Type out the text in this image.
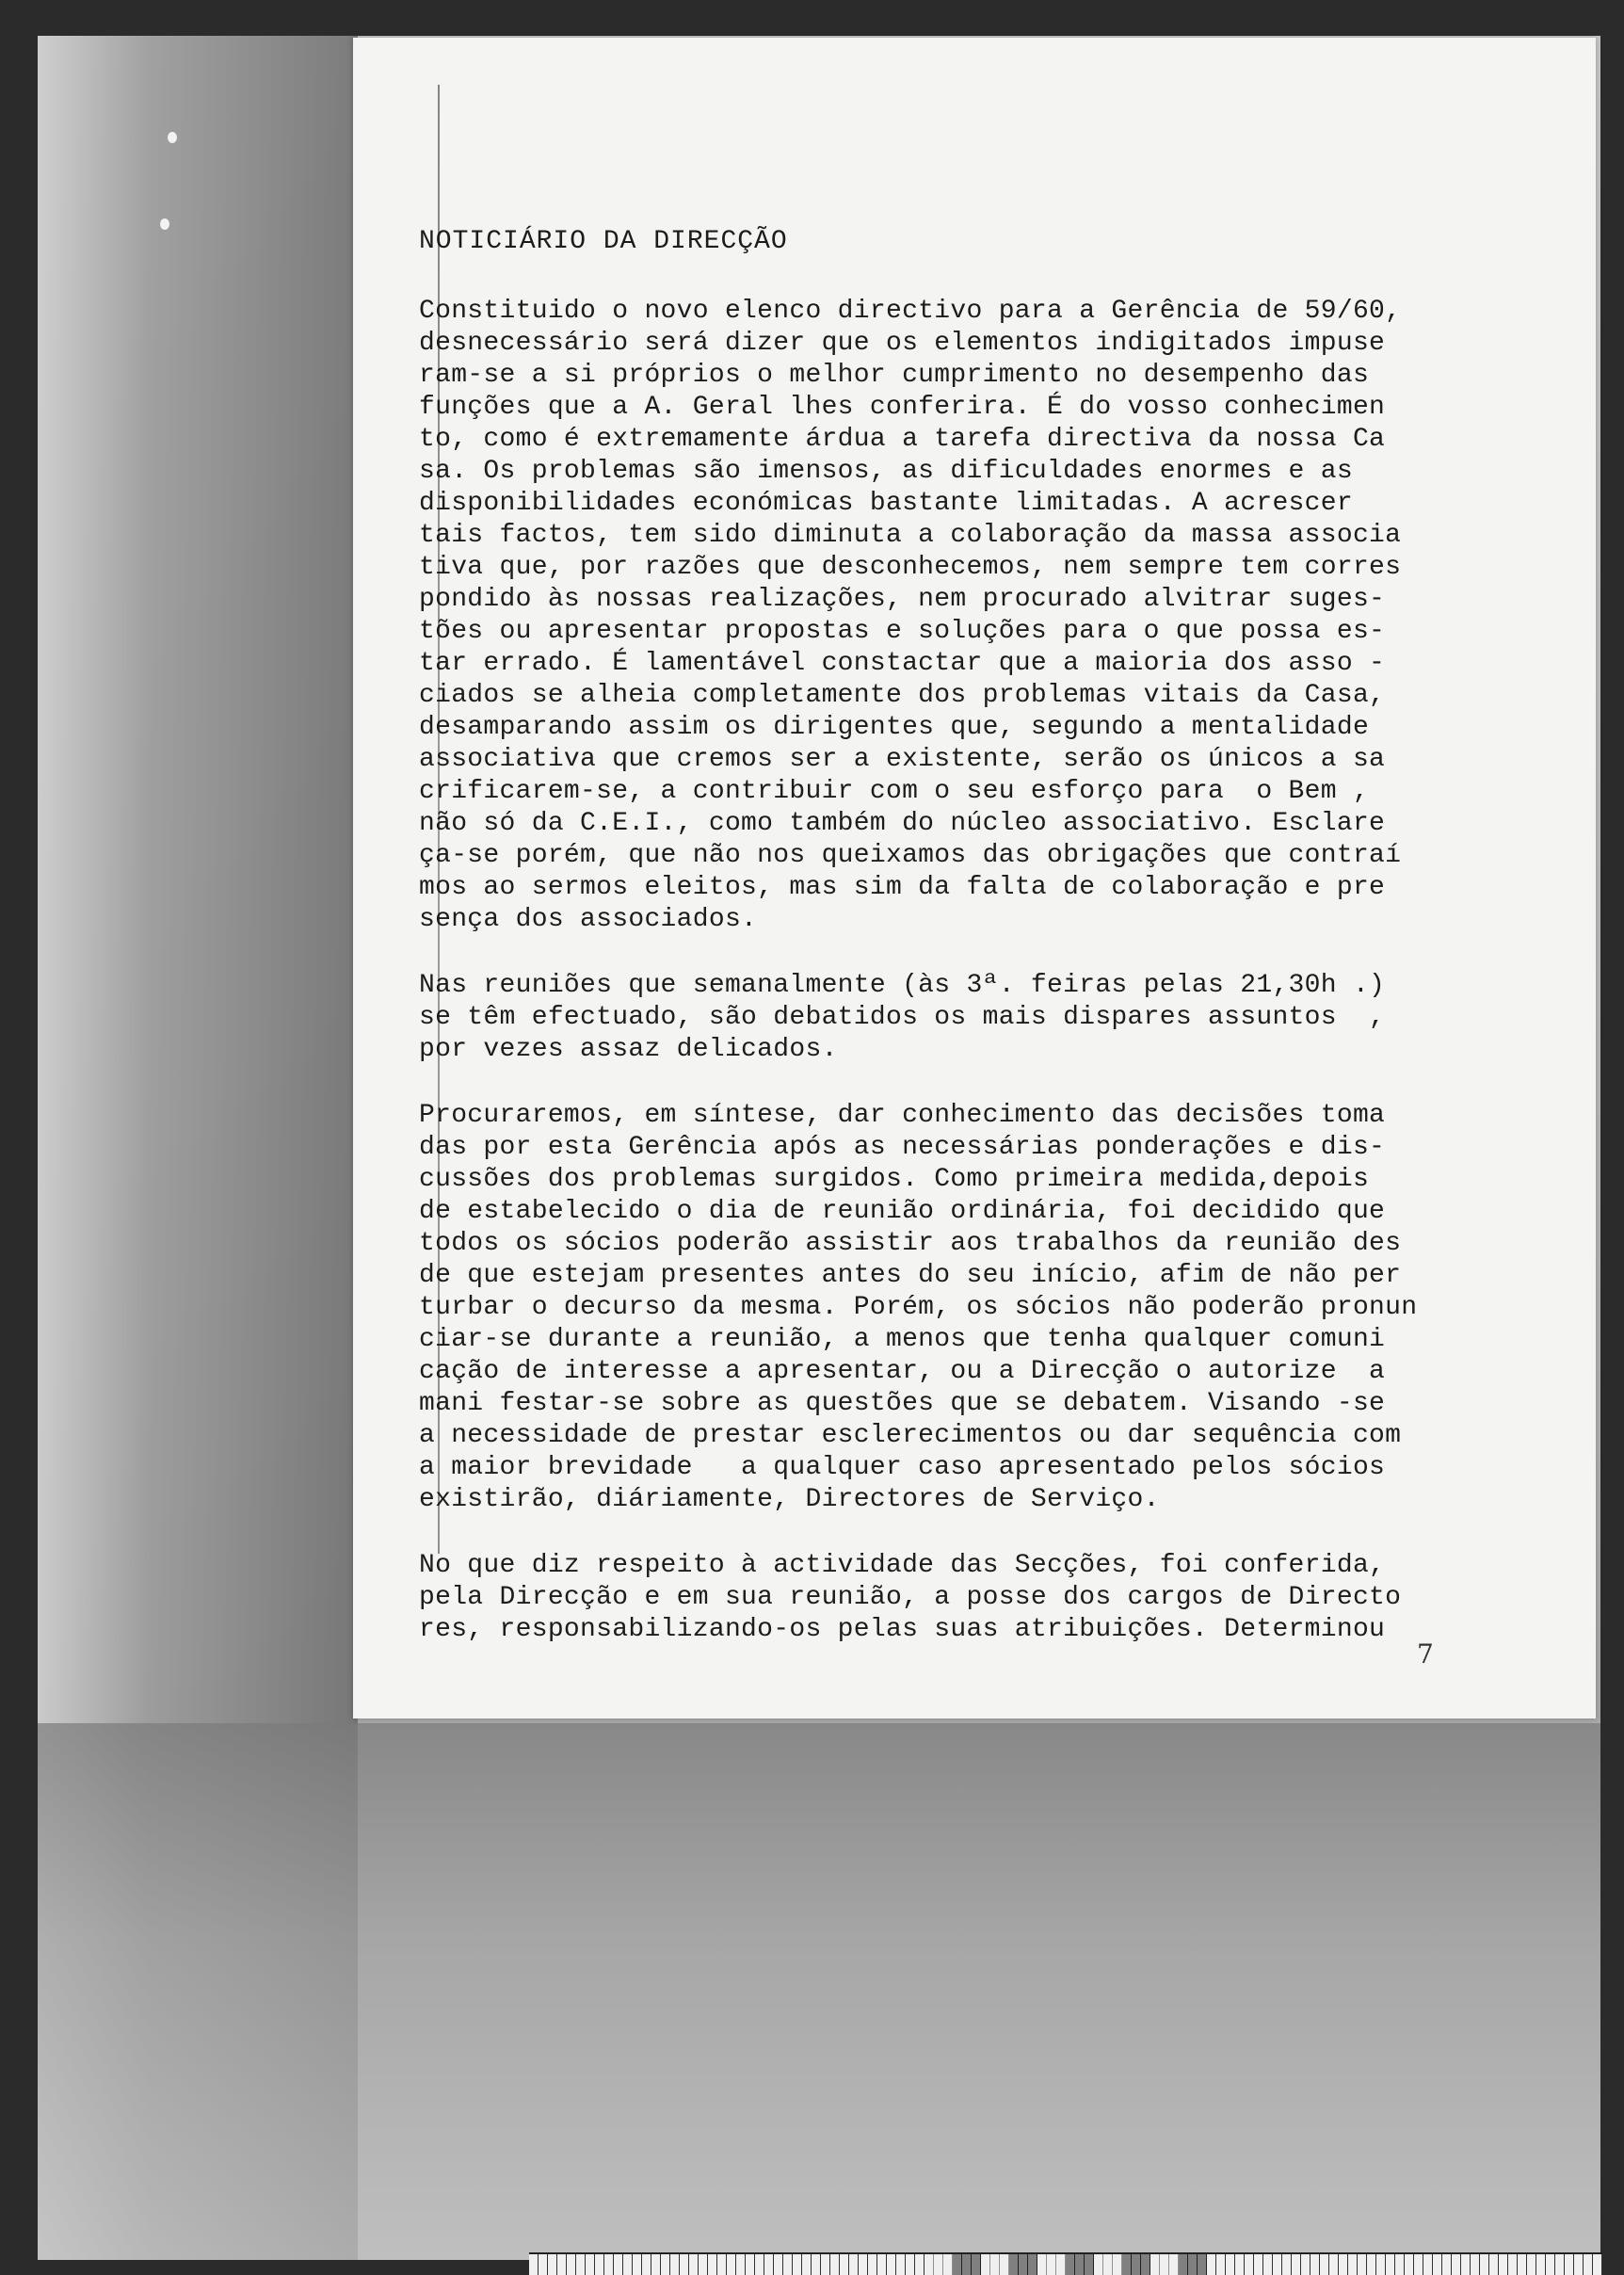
NOTICIÁRIO DA DIRECÇÃO
Constituido o novo elenco directivo para a Gerência de 59/60,
desnecessário será dizer que os elementos indigitados impuse
ram-se a si próprios o melhor cumprimento no desempenho das
funções que a A. Geral lhes conferira. É do vosso conhecimen
to, como é extremamente árdua a tarefa directiva da nossa Ca
sa. Os problemas são imensos, as dificuldades enormes e as
disponibilidades económicas bastante limitadas. A acrescer
tais factos, tem sido diminuta a colaboração da massa associa
tiva que, por razões que desconhecemos, nem sempre tem corres
pondido às nossas realizações, nem procurado alvitrar suges-
tões ou apresentar propostas e soluções para o que possa es-
tar errado. É lamentável constactar que a maioria dos asso -
ciados se alheia completamente dos problemas vitais da Casa,
desamparando assim os dirigentes que, segundo a mentalidade
associativa que cremos ser a existente, serão os únicos a sa
crificarem-se, a contribuir com o seu esforço para  o Bem ,
não só da C.E.I., como também do núcleo associativo. Esclare
ça-se porém, que não nos queixamos das obrigações que contraí
mos ao sermos eleitos, mas sim da falta de colaboração e pre
sença dos associados.
Nas reuniões que semanalmente (às 3ª. feiras pelas 21,30h .)
se têm efectuado, são debatidos os mais dispares assuntos  ,
por vezes assaz delicados.
Procuraremos, em síntese, dar conhecimento das decisões toma
das por esta Gerência após as necessárias ponderações e dis-
cussões dos problemas surgidos. Como primeira medida,depois
de estabelecido o dia de reunião ordinária, foi decidido que
todos os sócios poderão assistir aos trabalhos da reunião des
de que estejam presentes antes do seu início, afim de não per
turbar o decurso da mesma. Porém, os sócios não poderão pronun
ciar-se durante a reunião, a menos que tenha qualquer comuni
cação de interesse a apresentar, ou a Direcção o autorize  a
mani festar-se sobre as questões que se debatem. Visando -se
a necessidade de prestar esclerecimentos ou dar sequência com
a maior brevidade   a qualquer caso apresentado pelos sócios
existirão, diáriamente, Directores de Serviço.
No que diz respeito à actividade das Secções, foi conferida,
pela Direcção e em sua reunião, a posse dos cargos de Directo
res, responsabilizando-os pelas suas atribuições. Determinou
7
